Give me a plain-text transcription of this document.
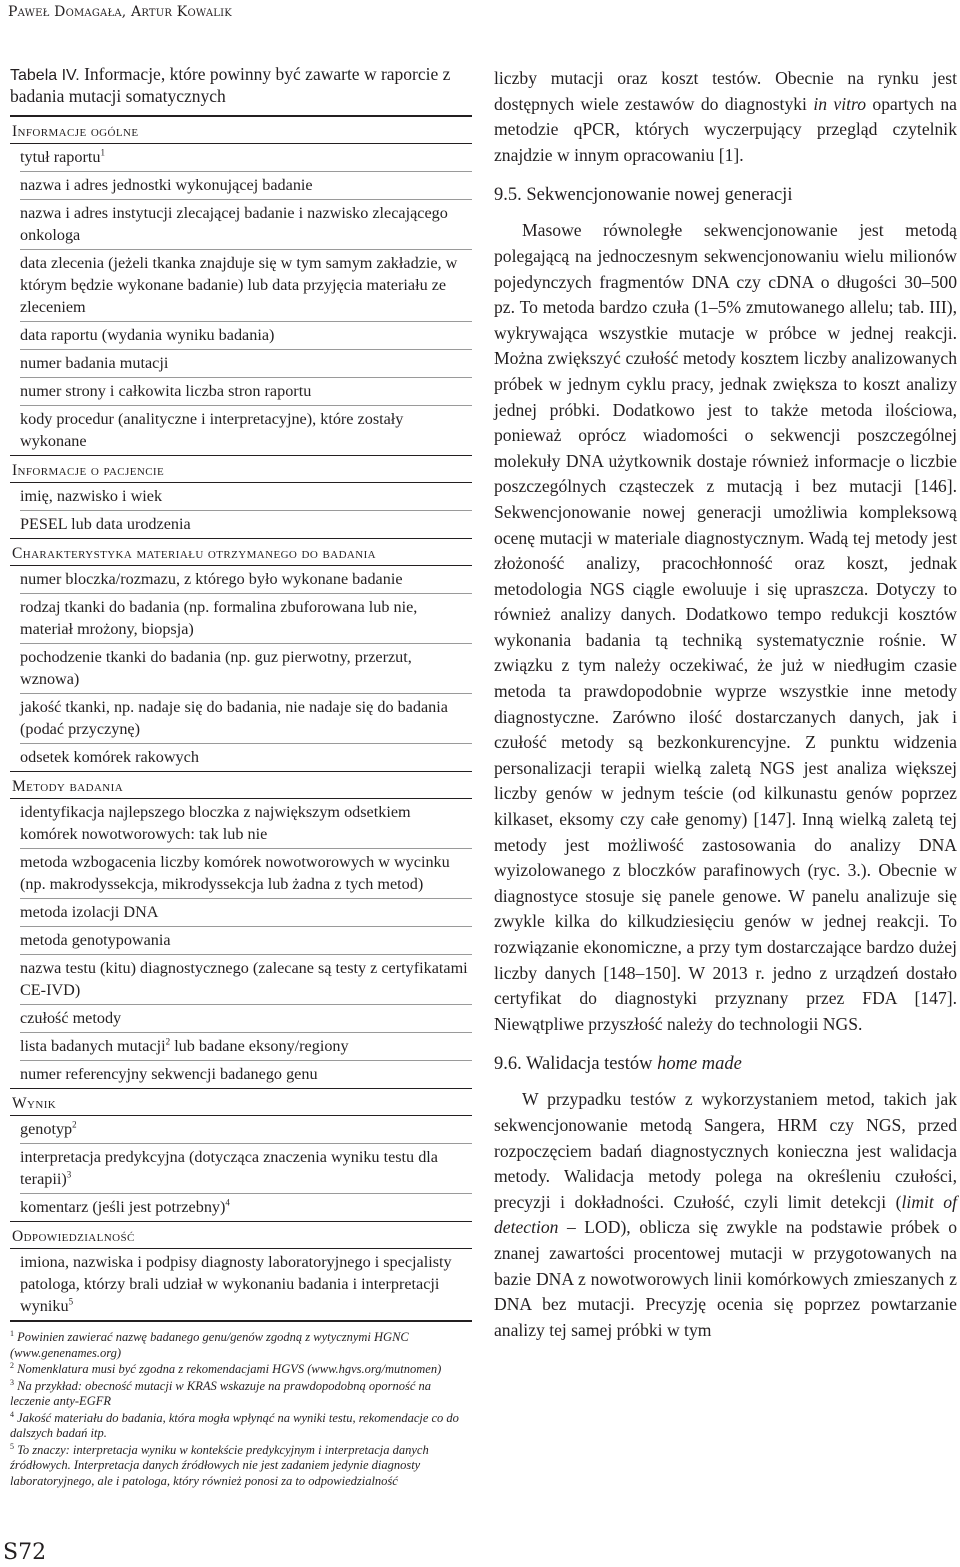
Paweł Domagała, Artur Kowalik
Tabela IV. Informacje, które powinny być zawarte w raporcie z badania mutacji somatycznych
Informacje ogólne
tytuł raportu$^1$
nazwa i adres jednostki wykonującej badanie
nazwa i adres instytucji zlecającej badanie i nazwisko zlecającego onkologa
data zlecenia (jeżeli tkanka znajduje się w tym samym zakładzie, w którym będzie wykonane badanie) lub data przyjęcia materiału ze zleceniem
data raportu (wydania wyniku badania)
numer badania mutacji
numer strony i całkowita liczba stron raportu
kody procedur (analityczne i interpretacyjne), które zostały wykonane
Informacje o pacjencie
imię, nazwisko i wiek
PESEL lub data urodzenia
Charakterystyka materiału otrzymanego do badania
numer bloczka/rozmazu, z którego było wykonane badanie
rodzaj tkanki do badania (np. formalina zbuforowana lub nie, materiał mrożony, biopsja)
pochodzenie tkanki do badania (np. guz pierwotny, przerzut, wznowa)
jakość tkanki, np. nadaje się do badania, nie nadaje się do badania (podać przyczynę)
odsetek komórek rakowych
Metody badania
identyfikacja najlepszego bloczka z największym odsetkiem komórek nowotworowych: tak lub nie
metoda wzbogacenia liczby komórek nowotworowych w wycinku (np. makrodyssekcja, mikrodyssekcja lub żadna z tych metod)
metoda izolacji DNA
metoda genotypowania
nazwa testu (kitu) diagnostycznego (zalecane są testy z certyfikatami CE-IVD)
czułość metody
lista badanych mutacji$^2$ lub badane eksony/regiony
numer referencyjny sekwencji badanego genu
Wynik
genotyp$^2$
interpretacja predykcyjna (dotycząca znaczenia wyniku testu dla terapii)$^3$
komentarz (jeśli jest potrzebny)$^4$
Odpowiedzialność
imiona, nazwiska i podpisy diagnosty laboratoryjnego i specjalisty patologa, którzy brali udział w wykonaniu badania i interpretacji wyniku$^5$
$^1$ Powinien zawierać nazwę badanego genu/genów zgodną z wytycznymi HGNC (www.genenames.org)
$^2$ Nomenklatura musi być zgodna z rekomendacjami HGVS (www.hgvs.org/mutnomen)
$^3$ Na przykład: obecność mutacji w KRAS wskazuje na prawdopodobną oporność na leczenie anty-EGFR
$^4$ Jakość materiału do badania, która mogła wpłynąć na wyniki testu, rekomendacje co do dalszych badań itp.
$^5$ To znaczy: interpretacja wyniku w kontekście predykcyjnym i interpretacja danych źródłowych. Interpretacja danych źródłowych nie jest zadaniem jedynie diagnosty laboratoryjnego, ale i patologa, który również ponosi za to odpowiedzialność

liczby mutacji oraz koszt testów. Obecnie na rynku jest dostępnych wiele zestawów do diagnostyki in vitro opartych na metodzie qPCR, których wyczerpujący przegląd czytelnik znajdzie w innym opracowaniu [1].

9.5. Sekwencjonowanie nowej generacji

Masowe równoległe sekwencjonowanie jest metodą polegającą na jednoczesnym sekwencjonowaniu wielu milionów pojedynczych fragmentów DNA czy cDNA o długości 30–500 pz. To metoda bardzo czuła (1–5% zmutowanego allelu; tab. III), wykrywająca wszystkie mutacje w próbce w jednej reakcji. Można zwiększyć czułość metody kosztem liczby analizowanych próbek w jednym cyklu pracy, jednak zwiększa to koszt analizy jednej próbki. Dodatkowo jest to także metoda ilościowa, ponieważ oprócz wiadomości o sekwencji poszczególnej molekuły DNA użytkownik dostaje również informacje o liczbie poszczególnych cząsteczek z mutacją i bez mutacji [146]. Sekwencjonowanie nowej generacji umożliwia kompleksową ocenę mutacji w materiale diagnostycznym. Wadą tej metody jest złożoność analizy, pracochłonność oraz koszt, jednak metodologia NGS ciągle ewoluuje i się upraszcza. Dotyczy to również analizy danych. Dodatkowo tempo redukcji kosztów wykonania badania tą techniką systematycznie rośnie. W związku z tym należy oczekiwać, że już w niedługim czasie metoda ta prawdopodobnie wyprze wszystkie inne metody diagnostyczne. Zarówno ilość dostarczanych danych, jak i czułość metody są bezkonkurencyjne. Z punktu widzenia personalizacji terapii wielką zaletą NGS jest analiza większej liczby genów w jednym teście (od kilkunastu genów poprzez kilkaset, eksomy czy całe genomy) [147]. Inną wielką zaletą tej metody jest możliwość zastosowania do analizy DNA wyizolowanego z bloczków parafinowych (ryc. 3.). Obecnie w diagnostyce stosuje się panele genowe. W panelu analizuje się zwykle kilka do kilkudziesięciu genów w jednej reakcji. To rozwiązanie ekonomiczne, a przy tym dostarczające bardzo dużej liczby danych [148–150]. W 2013 r. jedno z urządzeń dostało certyfikat do diagnostyki przyznany przez FDA [147]. Niewątpliwe przyszłość należy do technologii NGS.

9.6. Walidacja testów home made

W przypadku testów z wykorzystaniem metod, takich jak sekwencjonowanie metodą Sangera, HRM czy NGS, przed rozpoczęciem badań diagnostycznych konieczna jest walidacja metody. Walidacja metody polega na określeniu czułości, precyzji i dokładności. Czułość, czyli limit detekcji (limit of detection – LOD), oblicza się zwykle na podstawie próbek o znanej zawartości procentowej mutacji w przygotowanych na bazie DNA z nowotworowych linii komórkowych zmieszanych z DNA bez mutacji. Precyzję ocenia się poprzez powtarzanie analizy tej samej próbki w tym

S72
